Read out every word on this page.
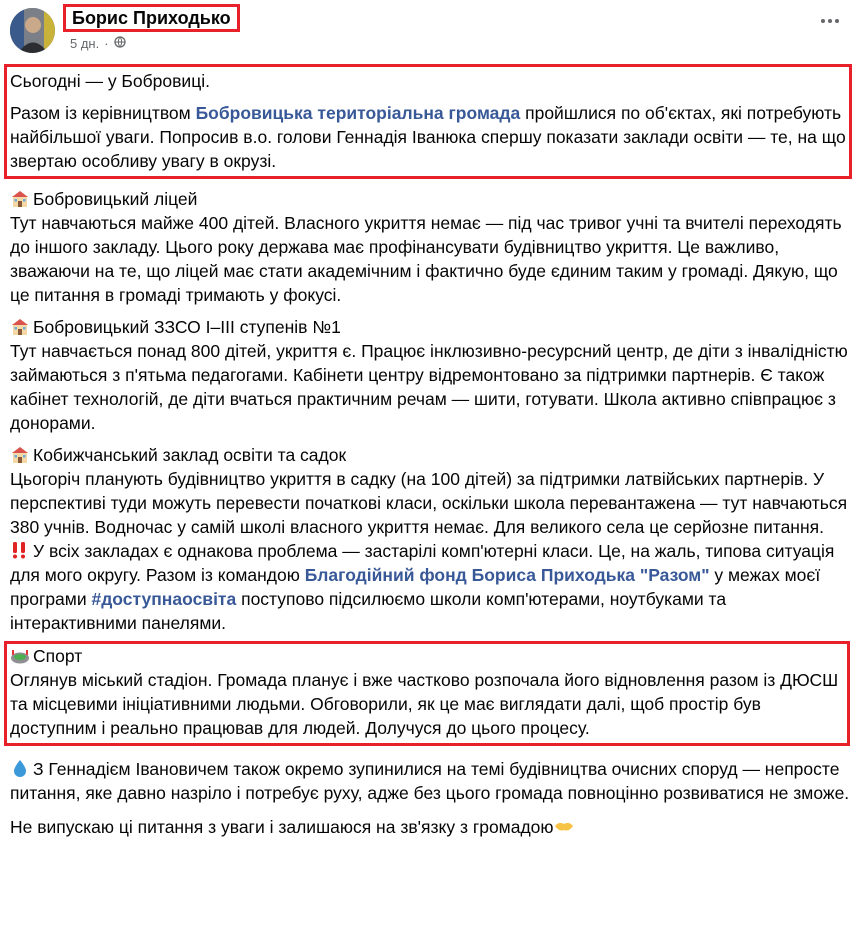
Борис Приходько
5 дн. ·

Сьогодні — у Бобровиці.

Разом із керівництвом Бобровицька територіальна громада пройшлися по об'єктах, які потребують найбільшої уваги. Попросив в.о. голови Геннадія Іванюка спершу показати заклади освіти — те, на що звертаю особливу увагу в окрузі.

Бобровицький ліцей

Тут навчаються майже 400 дітей. Власного укриття немає — під час тривог учні та вчителі переходять до іншого закладу. Цього року держава має профінансувати будівництво укриття. Це важливо, зважаючи на те, що ліцей має стати академічним і фактично буде єдиним таким у громаді. Дякую, що це питання в громаді тримають у фокусі.

Бобровицький ЗЗСО І–ІІІ ступенів №1

Тут навчається понад 800 дітей, укриття є. Працює інклюзивно-ресурсний центр, де діти з інвалідністю займаються з п'ятьма педагогами. Кабінети центру відремонтовано за підтримки партнерів. Є також кабінет технологій, де діти вчаться практичним речам — шити, готувати. Школа активно співпрацює з донорами.

Кобижчанський заклад освіти та садок

Цьогоріч планують будівництво укриття в садку (на 100 дітей) за підтримки латвійських партнерів. У перспективі туди можуть перевести початкові класи, оскільки школа перевантажена — тут навчаються 380 учнів. Водночас у самій школі власного укриття немає. Для великого села це серйозне питання.

У всіх закладах є однакова проблема — застарілі комп'ютерні класи. Це, на жаль, типова ситуація для мого округу. Разом із командою Благодійний фонд Бориса Приходька "Разом" у межах моєї програми #доступнаосвіта поступово підсилюємо школи комп'ютерами, ноутбуками та інтерактивними панелями.

Спорт

Оглянув міський стадіон. Громада планує і вже частково розпочала його відновлення разом із ДЮСШ та місцевими ініціативними людьми. Обговорили, як це має виглядати далі, щоб простір був доступним і реально працював для людей. Долучуся до цього процесу.

З Геннадієм Івановичем також окремо зупинилися на темі будівництва очисних споруд — непросте питання, яке давно назріло і потребує руху, адже без цього громада повноцінно розвиватися не зможе.

Не випускаю ці питання з уваги і залишаюся на зв'язку з громадою
